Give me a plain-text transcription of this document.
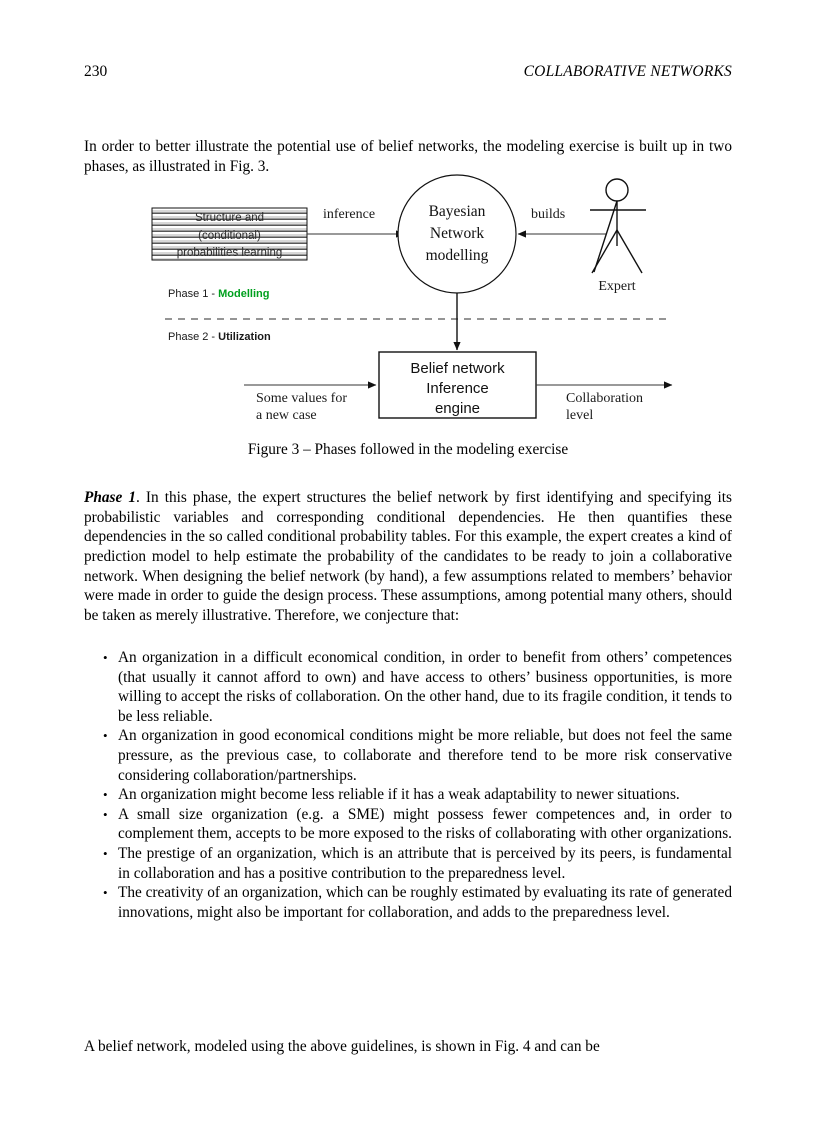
230	COLLABORATIVE NETWORKS

In order to better illustrate the potential use of belief networks, the modeling exercise is built up in two phases, as illustrated in Fig. 3.

Structure and
(conditional)
probabilities learning
inference	Bayesian
Network
modelling
builds
Expert
Phase 1 - Modelling
Phase 2 - Utilization
Belief network
Inference
engine
Some values for
a new case
Collaboration
level
Figure 3 – Phases followed in the modeling exercise

Phase 1. In this phase, the expert structures the belief network by first identifying and specifying its probabilistic variables and corresponding conditional dependencies. He then quantifies these dependencies in the so called conditional probability tables. For this example, the expert creates a kind of prediction model to help estimate the probability of the candidates to be ready to join a collaborative network. When designing the belief network (by hand), a few assumptions related to members’ behavior were made in order to guide the design process. These assumptions, among potential many others, should be taken as merely illustrative. Therefore, we conjecture that:

• An organization in a difficult economical condition, in order to benefit from others’ competences (that usually it cannot afford to own) and have access to others’ business opportunities, is more willing to accept the risks of collaboration. On the other hand, due to its fragile condition, it tends to be less reliable.
• An organization in good economical conditions might be more reliable, but does not feel the same pressure, as the previous case, to collaborate and therefore tend to be more risk conservative considering collaboration/partnerships.
• An organization might become less reliable if it has a weak adaptability to newer situations.
• A small size organization (e.g. a SME) might possess fewer competences and, in order to complement them, accepts to be more exposed to the risks of collaborating with other organizations.
• The prestige of an organization, which is an attribute that is perceived by its peers, is fundamental in collaboration and has a positive contribution to the preparedness level.
• The creativity of an organization, which can be roughly estimated by evaluating its rate of generated innovations, might also be important for collaboration, and adds to the preparedness level.

A belief network, modeled using the above guidelines, is shown in Fig. 4 and can be
